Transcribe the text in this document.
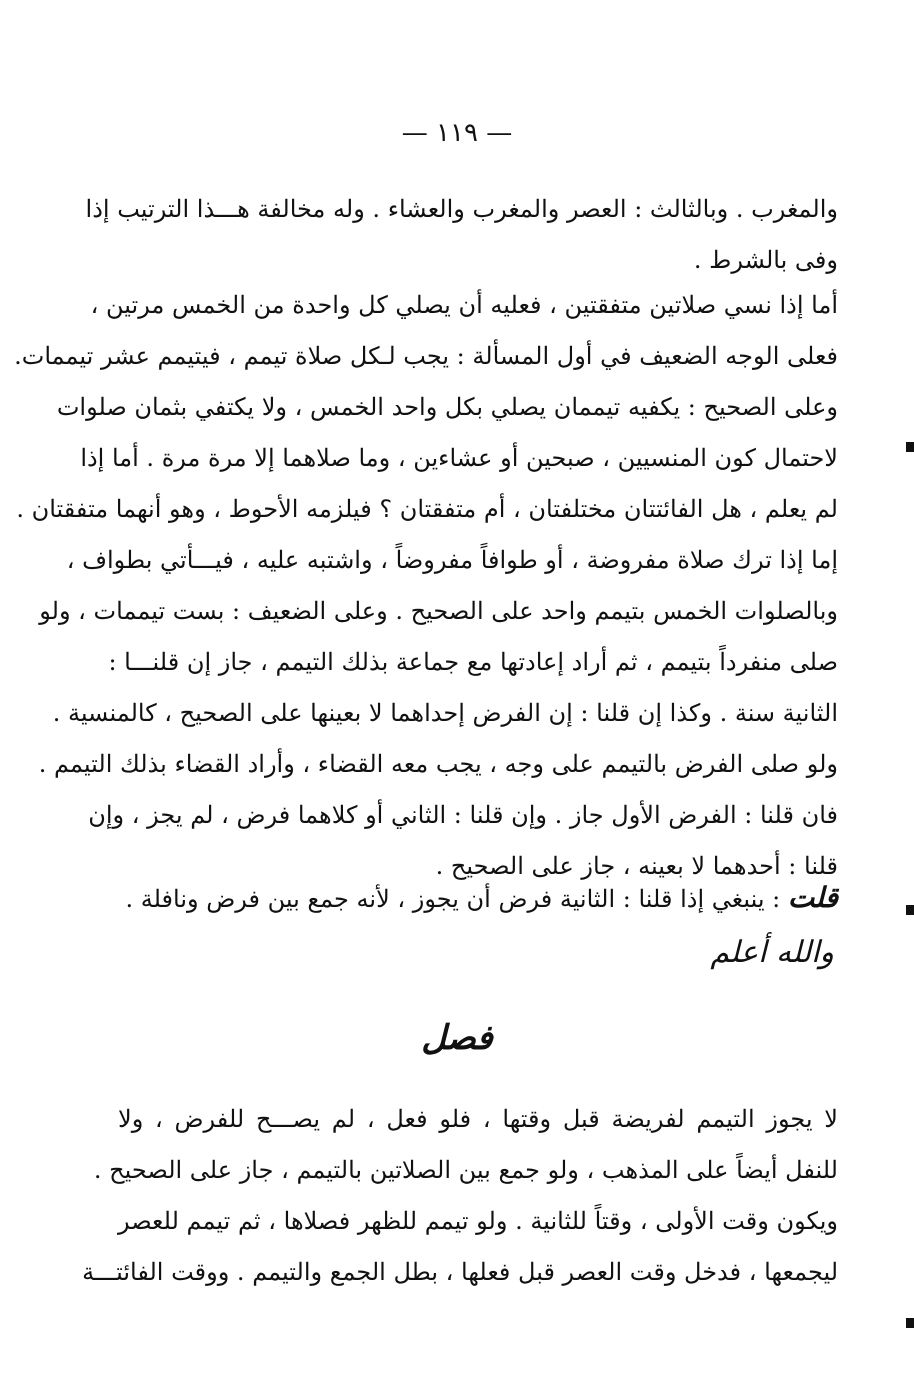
— ١١٩ —
والمغرب . وبالثالث : العصر والمغرب والعشاء . وله مخالفة هـــذا الترتيب إذا
وفى بالشرط .
أما إذا نسي صلاتين متفقتين ، فعليه أن يصلي كل واحدة من الخمس مرتين ،
فعلى الوجه الضعيف في أول المسألة : يجب لـكل صلاة تيمم ، فيتيمم عشر تيممات.
وعلى الصحيح : يكفيه تيممان يصلي بكل واحد الخمس ، ولا يكتفي بثمان صلوات
لاحتمال كون المنسيين ، صبحين أو عشاءين ، وما صلاهما إلا مرة مرة . أما إذا
لم يعلم ، هل الفائتتان مختلفتان ، أم متفقتان ؟ فيلزمه الأحوط ، وهو أنهما متفقتان .
إما إذا ترك صلاة مفروضة ، أو طوافاً مفروضاً ، واشتبه عليه ، فيـــأتي بطواف ،
وبالصلوات الخمس بتيمم واحد على الصحيح . وعلى الضعيف : بست تيممات ، ولو
صلى منفرداً بتيمم ، ثم أراد إعادتها مع جماعة بذلك التيمم ، جاز إن قلنـــا :
الثانية سنة . وكذا إن قلنا : إن الفرض إحداهما لا بعينها على الصحيح ، كالمنسية .
ولو صلى الفرض بالتيمم على وجه ، يجب معه القضاء ، وأراد القضاء بذلك التيمم .
فان قلنا : الفرض الأول جاز . وإن قلنا : الثاني أو كلاهما فرض ، لم يجز ، وإن
قلنا : أحدهما لا بعينه ، جاز على الصحيح .
قلت : ينبغي إذا قلنا : الثانية فرض أن يجوز ، لأنه جمع بين فرض ونافلة .
والله أعلم
فصل
لا يجوز التيمم لفريضة قبل وقتها ، فلو فعل ، لم يصـــح للفرض ، ولا
للنفل أيضاً على المذهب ، ولو جمع بين الصلاتين بالتيمم ، جاز على الصحيح .
ويكون وقت الأولى ، وقتاً للثانية . ولو تيمم للظهر فصلاها ، ثم تيمم للعصر
ليجمعها ، فدخل وقت العصر قبل فعلها ، بطل الجمع والتيمم . ووقت الفائتـــة
